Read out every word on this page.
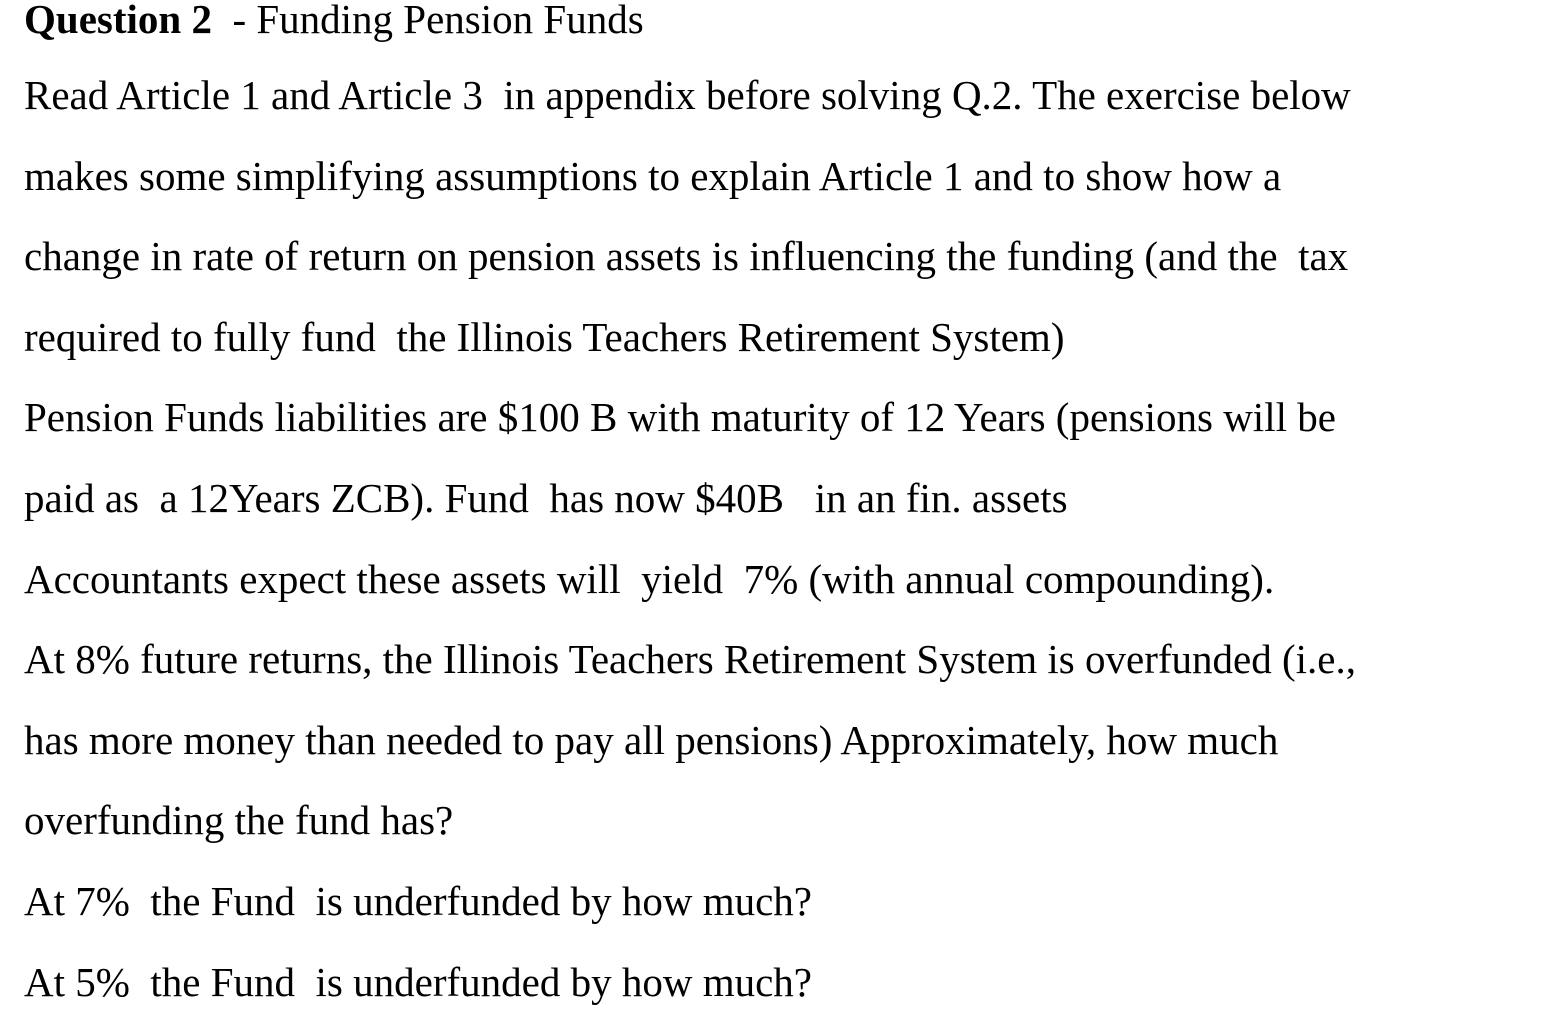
Question 2  - Funding Pension Funds
Read Article 1 and Article 3  in appendix before solving Q.2. The exercise below
makes some simplifying assumptions to explain Article 1 and to show how a
change in rate of return on pension assets is influencing the funding (and the  tax
required to fully fund  the Illinois Teachers Retirement System)
Pension Funds liabilities are $100 B with maturity of 12 Years (pensions will be
paid as  a 12Years ZCB). Fund  has now $40B   in an fin. assets
Accountants expect these assets will  yield  7% (with annual compounding).
At 8% future returns, the Illinois Teachers Retirement System is overfunded (i.e.,
has more money than needed to pay all pensions) Approximately, how much
overfunding the fund has?
At 7%  the Fund  is underfunded by how much?
At 5%  the Fund  is underfunded by how much?
